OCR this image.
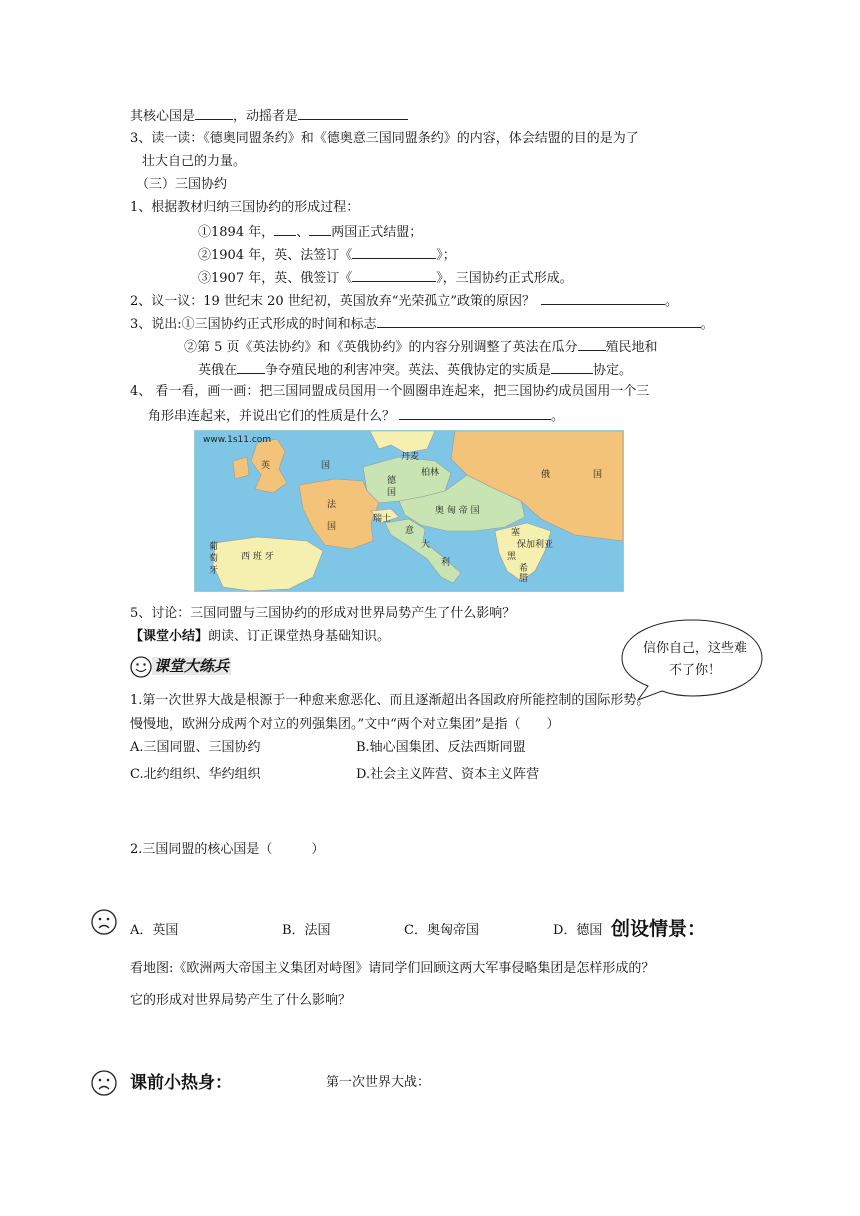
其核心国是	，动摇者是
3、读一读：《德奥同盟条约》和《德奥意三国同盟条约》的内容，体会结盟的目的是为了
壮大自己的力量。
（三）三国协约
1、根据教材归纳三国协约的形成过程：
①1894 年， 、 两国正式结盟；
②1904 年，英、法签订《	》；
③1907 年，英、俄签订《	》，三国协约正式形成。
2、议一议：19 世纪末 20 世纪初，英国放弃“光荣孤立”政策的原因？	。
3、说出:①三国协约正式形成的时间和标志	。
②第 5 页《英法协约》和《英俄协约》的内容分别调整了英法在瓜分 殖民地和
英俄在 争夺殖民地的利害冲突。英法、英俄协定的实质是	协定。
4、 看一看，画一画：把三国同盟成员国用一个圆圈串连起来，把三国协约成员国用一个三
角形串连起来，并说出它们的性质是什么？	。
www.1s11.com
英	国
俄	国
丹麦
柏林
德
国
法
国
奥 匈 帝 国
瑞士
意
大
利
葡
萄
牙
西 班 牙
塞
保加利亚
黑
希
腊
5、讨论：三国同盟与三国协约的形成对世界局势产生了什么影响？
【课堂小结】朗读、订正课堂热身基础知识。
信你自己，这些难不了你！
课堂大练兵
1.第一次世界大战是根源于一种愈来愈恶化、而且逐渐超出各国政府所能控制的国际形势。
慢慢地，欧洲分成两个对立的列强集团。”文中“两个对立集团”是指（　　）
A.三国同盟、三国协约	B.轴心国集团、反法西斯同盟
C.北约组织、华约组织	D.社会主义阵营、资本主义阵营
2.三国同盟的核心国是（　　　）
A．英国	B．法国	C．奥匈帝国	D．德国 创设情景：
看地图:《欧洲两大帝国主义集团对峙图》请同学们回顾这两大军事侵略集团是怎样形成的？
它的形成对世界局势产生了什么影响？
课前小热身：	第一次世界大战：
